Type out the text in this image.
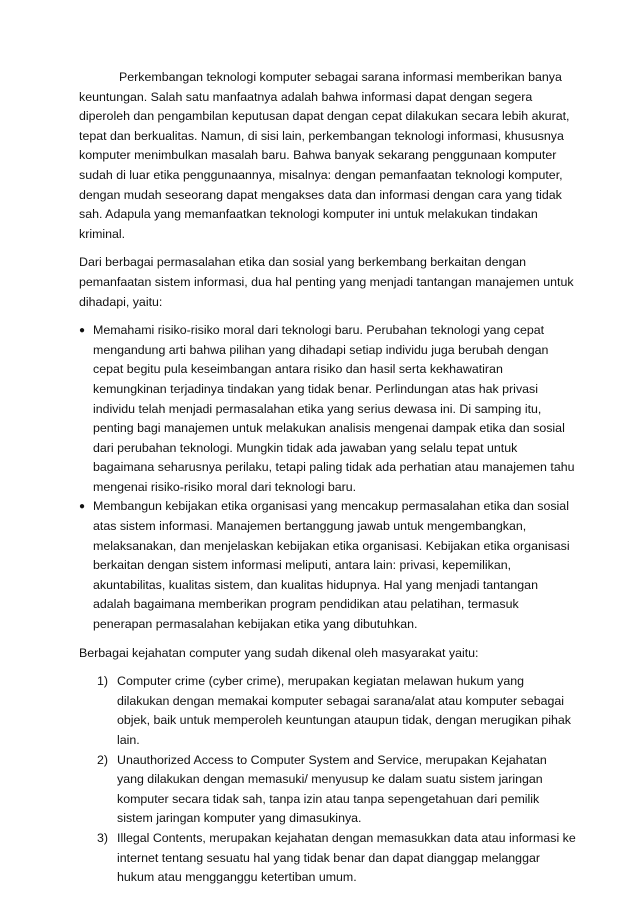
Perkembangan teknologi komputer sebagai sarana informasi memberikan banya keuntungan. Salah satu manfaatnya adalah bahwa informasi dapat dengan segera diperoleh dan pengambilan keputusan dapat dengan cepat dilakukan secara lebih akurat, tepat dan berkualitas. Namun, di sisi lain, perkembangan teknologi informasi, khususnya komputer menimbulkan masalah baru. Bahwa banyak sekarang penggunaan komputer sudah di luar etika penggunaannya, misalnya: dengan pemanfaatan teknologi komputer, dengan mudah seseorang dapat mengakses data dan informasi dengan cara yang tidak sah. Adapula yang memanfaatkan teknologi komputer ini untuk melakukan tindakan kriminal.

Dari berbagai permasalahan etika dan sosial yang berkembang berkaitan dengan pemanfaatan sistem informasi, dua hal penting yang menjadi tantangan manajemen untuk dihadapi, yaitu:

● Memahami risiko-risiko moral dari teknologi baru. Perubahan teknologi yang cepat mengandung arti bahwa pilihan yang dihadapi setiap individu juga berubah dengan cepat begitu pula keseimbangan antara risiko dan hasil serta kekhawatiran kemungkinan terjadinya tindakan yang tidak benar. Perlindungan atas hak privasi individu telah menjadi permasalahan etika yang serius dewasa ini. Di samping itu, penting bagi manajemen untuk melakukan analisis mengenai dampak etika dan sosial dari perubahan teknologi. Mungkin tidak ada jawaban yang selalu tepat untuk bagaimana seharusnya perilaku, tetapi paling tidak ada perhatian atau manajemen tahu mengenai risiko-risiko moral dari teknologi baru.
● Membangun kebijakan etika organisasi yang mencakup permasalahan etika dan sosial atas sistem informasi. Manajemen bertanggung jawab untuk mengembangkan, melaksanakan, dan menjelaskan kebijakan etika organisasi. Kebijakan etika organisasi berkaitan dengan sistem informasi meliputi, antara lain: privasi, kepemilikan, akuntabilitas, kualitas sistem, dan kualitas hidupnya. Hal yang menjadi tantangan adalah bagaimana memberikan program pendidikan atau pelatihan, termasuk penerapan permasalahan kebijakan etika yang dibutuhkan.

Berbagai kejahatan computer yang sudah dikenal oleh masyarakat yaitu:

1) Computer crime (cyber crime), merupakan kegiatan melawan hukum yang dilakukan dengan memakai komputer sebagai sarana/alat atau komputer sebagai objek, baik untuk memperoleh keuntungan ataupun tidak, dengan merugikan pihak lain.
2) Unauthorized Access to Computer System and Service, merupakan Kejahatan yang dilakukan dengan memasuki/ menyusup ke dalam suatu sistem jaringan komputer secara tidak sah, tanpa izin atau tanpa sepengetahuan dari pemilik sistem jaringan komputer yang dimasukinya.
3) Illegal Contents, merupakan kejahatan dengan memasukkan data atau informasi ke internet tentang sesuatu hal yang tidak benar dan dapat dianggap melanggar hukum atau mengganggu ketertiban umum.
